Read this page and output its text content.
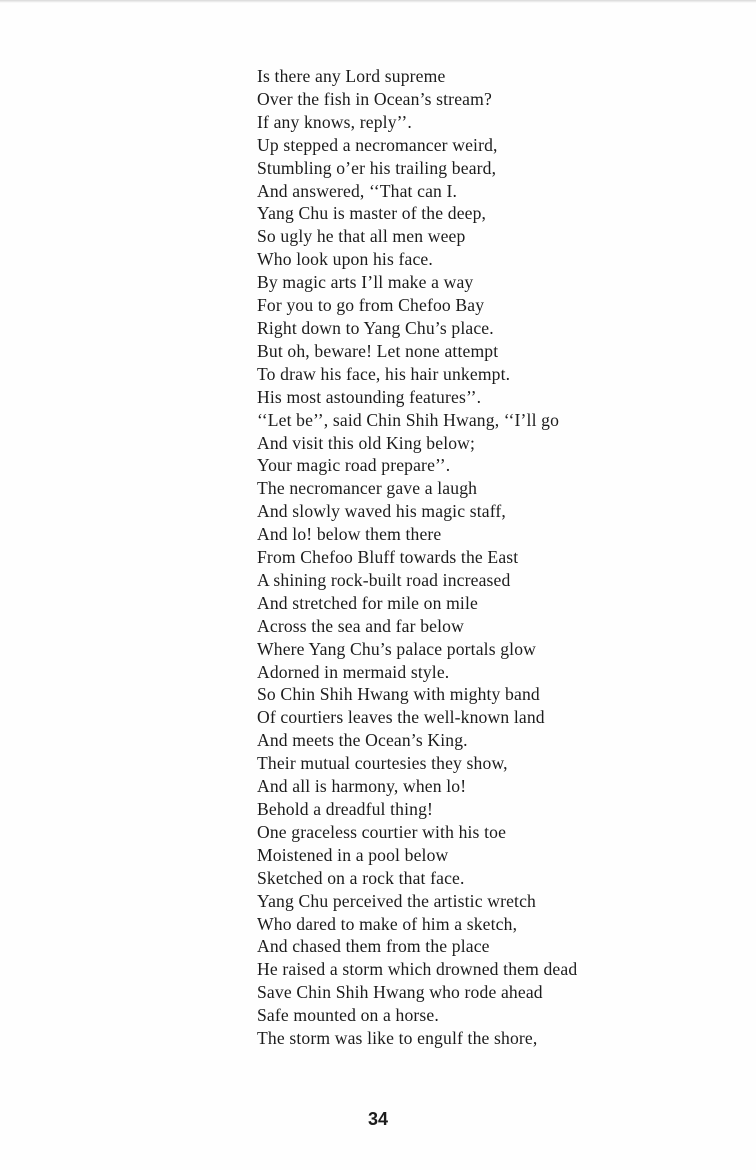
Is there any Lord supreme
Over the fish in Ocean’s stream?
If any knows, reply’’.
Up stepped a necromancer weird,
Stumbling o’er his trailing beard,
And answered, ‘‘That can I.
Yang Chu is master of the deep,
So ugly he that all men weep
Who look upon his face.
By magic arts I’ll make a way
For you to go from Chefoo Bay
Right down to Yang Chu’s place.
But oh, beware! Let none attempt
To draw his face, his hair unkempt.
His most astounding features’’.
‘‘Let be’’, said Chin Shih Hwang, ‘‘I’ll go
And visit this old King below;
Your magic road prepare’’.
The necromancer gave a laugh
And slowly waved his magic staff,
And lo! below them there
From Chefoo Bluff towards the East
A shining rock-built road increased
And stretched for mile on mile
Across the sea and far below
Where Yang Chu’s palace portals glow
Adorned in mermaid style.
So Chin Shih Hwang with mighty band
Of courtiers leaves the well-known land
And meets the Ocean’s King.
Their mutual courtesies they show,
And all is harmony, when lo!
Behold a dreadful thing!
One graceless courtier with his toe
Moistened in a pool below
Sketched on a rock that face.
Yang Chu perceived the artistic wretch
Who dared to make of him a sketch,
And chased them from the place
He raised a storm which drowned them dead
Save Chin Shih Hwang who rode ahead
Safe mounted on a horse.
The storm was like to engulf the shore,
34
